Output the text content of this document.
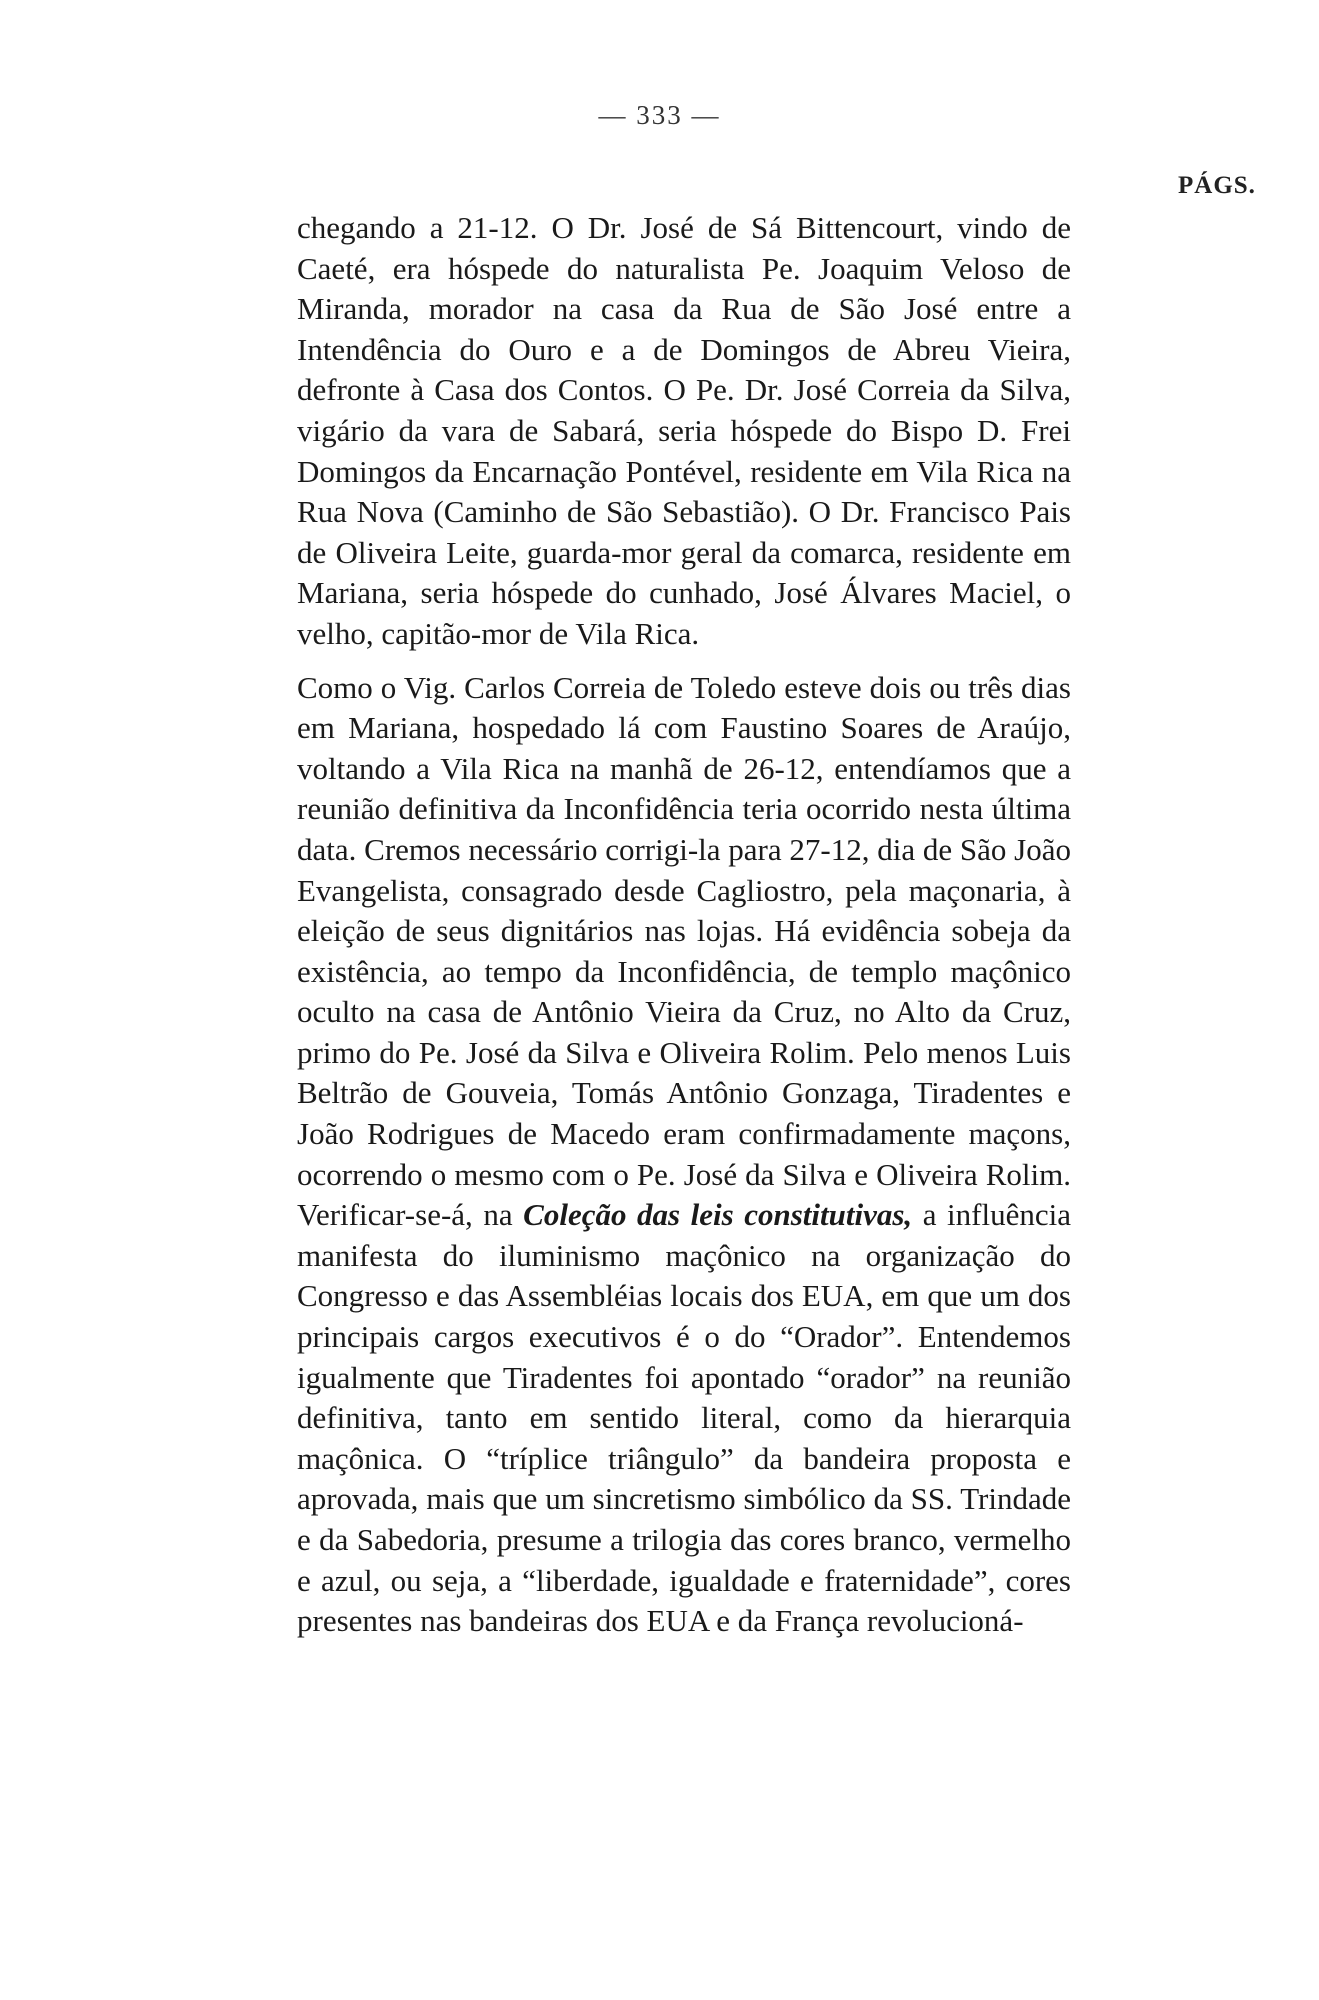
— 333 —
PÁGS.

chegando a 21-12. O Dr. José de Sá Bittencourt, vindo de Caeté, era hóspede do naturalista Pe. Joaquim Veloso de Miranda, morador na casa da Rua de São José entre a Intendência do Ouro e a de Domingos de Abreu Vieira, defronte à Casa dos Contos. O Pe. Dr. José Correia da Silva, vigário da vara de Sabará, seria hóspede do Bispo D. Frei Domingos da Encarnação Pontével, residente em Vila Rica na Rua Nova (Caminho de São Sebastião). O Dr. Francisco Pais de Oliveira Leite, guarda-mor geral da comarca, residente em Mariana, seria hóspede do cunhado, José Álvares Maciel, o velho, capitão-mor de Vila Rica.

Como o Vig. Carlos Correia de Toledo esteve dois ou três dias em Mariana, hospedado lá com Faustino Soares de Araújo, voltando a Vila Rica na manhã de 26-12, entendíamos que a reunião definitiva da Inconfidência teria ocorrido nesta última data. Cremos necessário corrigi-la para 27-12, dia de São João Evangelista, consagrado desde Cagliostro, pela maçonaria, à eleição de seus dignitários nas lojas. Há evidência sobeja da existência, ao tempo da Inconfidência, de templo maçônico oculto na casa de Antônio Vieira da Cruz, no Alto da Cruz, primo do Pe. José da Silva e Oliveira Rolim. Pelo menos Luis Beltrão de Gouveia, Tomás Antônio Gonzaga, Tiradentes e João Rodrigues de Macedo eram confirmadamente maçons, ocorrendo o mesmo com o Pe. José da Silva e Oliveira Rolim. Verificar-se-á, na Coleção das leis constitutivas, a influência manifesta do iluminismo maçônico na organização do Congresso e das Assembléias locais dos EUA, em que um dos principais cargos executivos é o do “Orador”. Entendemos igualmente que Tiradentes foi apontado “orador” na reunião definitiva, tanto em sentido literal, como da hierarquia maçônica. O “tríplice triângulo” da bandeira proposta e aprovada, mais que um sincretismo simbólico da SS. Trindade e da Sabedoria, presume a trilogia das cores branco, vermelho e azul, ou seja, a “liberdade, igualdade e fraternidade”, cores presentes nas bandeiras dos EUA e da França revolucioná-
